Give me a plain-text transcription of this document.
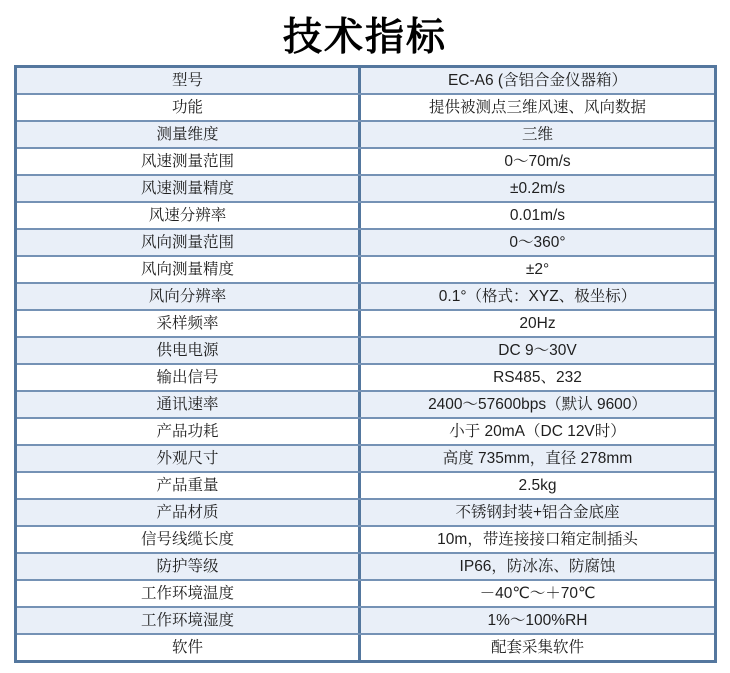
技术指标
型号	EC-A6 (含铝合金仪器箱）
功能	提供被测点三维风速、风向数据
测量维度	三维
风速测量范围	0～70m/s
风速测量精度	±0.2m/s
风速分辨率	0.01m/s
风向测量范围	0～360°
风向测量精度	±2°
风向分辨率	0.1°（格式：XYZ、极坐标）
采样频率	20Hz
供电电源	DC 9～30V
输出信号	RS485、232
通讯速率	2400～57600bps（默认 9600）
产品功耗	小于 20mA（DC 12V时）
外观尺寸	高度 735mm，直径 278mm
产品重量	2.5kg
产品材质	不锈钢封装+铝合金底座
信号线缆长度	10m，带连接接口箱定制插头
防护等级	IP66，防冰冻、防腐蚀
工作环境温度	－40℃～＋70℃
工作环境湿度	1%～100%RH
软件	配套采集软件
